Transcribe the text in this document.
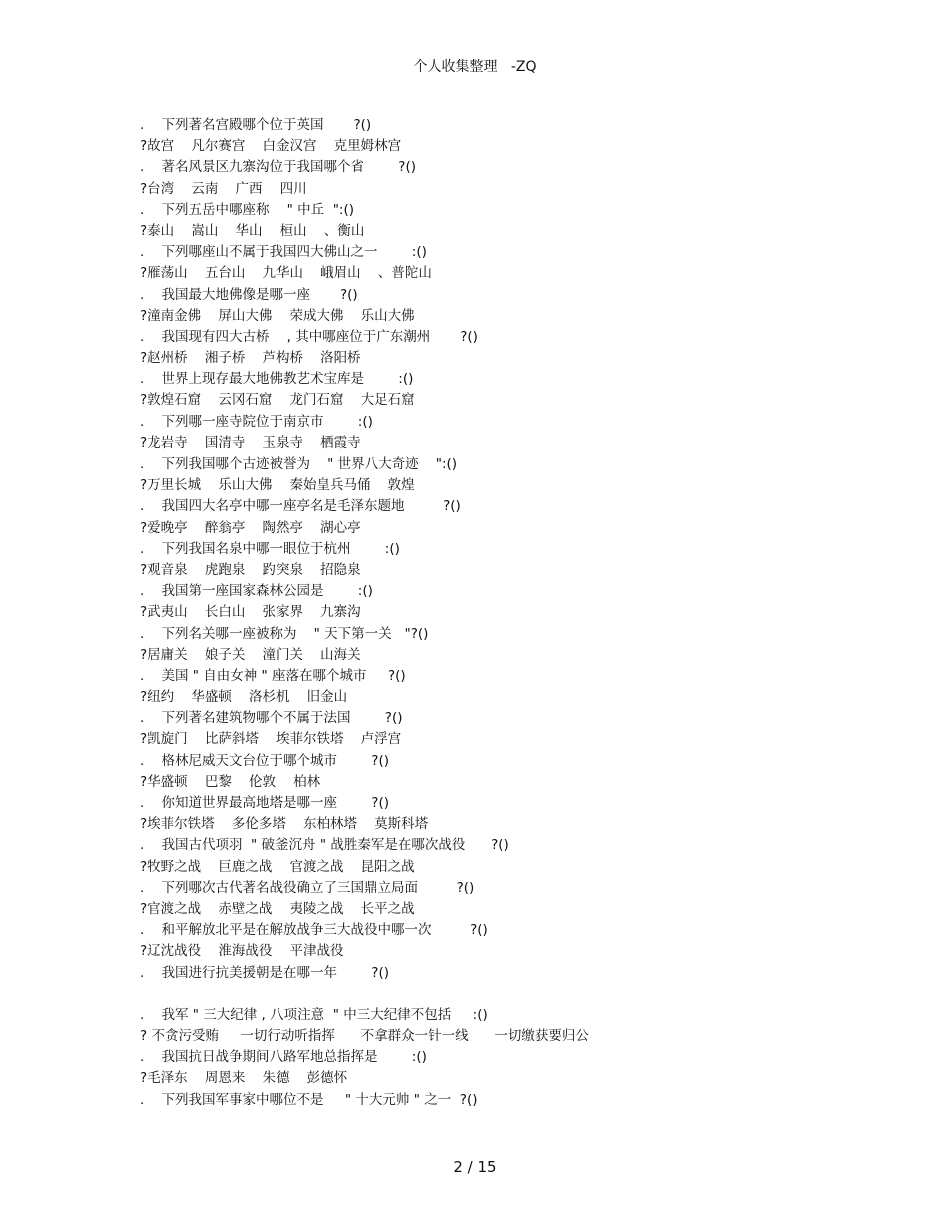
个人收集整理   -ZQ
.    下列著名宫殿哪个位于英国       ?()
?故宫    凡尔赛宫    白金汉宫    克里姆林宫
.    著名风景区九寨沟位于我国哪个省        ?()
?台湾    云南    广西    四川
.    下列五岳中哪座称    " 中丘  ":()
?泰山    嵩山    华山    桓山    、衡山
.    下列哪座山不属于我国四大佛山之一        :()
?雁荡山    五台山    九华山    峨眉山    、普陀山
.    我国最大地佛像是哪一座       ?()
?潼南金佛    屏山大佛    荣成大佛    乐山大佛
.    我国现有四大古桥    , 其中哪座位于广东潮州       ?()
?赵州桥    湘子桥    芦构桥    洛阳桥
.    世界上现存最大地佛教艺术宝库是        :()
?敦煌石窟    云冈石窟    龙门石窟    大足石窟
.    下列哪一座寺院位于南京市        :()
?龙岩寺    国清寺    玉泉寺    栖霞寺
.    下列我国哪个古迹被誉为    " 世界八大奇迹    ":()
?万里长城    乐山大佛    秦始皇兵马俑    敦煌
.    我国四大名亭中哪一座亭名是毛泽东题地         ?()
?爱晚亭    醉翁亭    陶然亭    湖心亭
.    下列我国名泉中哪一眼位于杭州        :()
?观音泉    虎跑泉    趵突泉    招隐泉
.    我国第一座国家森林公园是        :()
?武夷山    长白山    张家界    九寨沟
.    下列名关哪一座被称为    " 天下第一关   "?()
?居庸关    娘子关    潼门关    山海关
.    美国 " 自由女神 " 座落在哪个城市     ?()
?纽约    华盛顿    洛杉机    旧金山
.    下列著名建筑物哪个不属于法国        ?()
?凯旋门    比萨斜塔    埃菲尔铁塔    卢浮宫
.    格林尼威天文台位于哪个城市        ?()
?华盛顿    巴黎    伦敦    柏林
.    你知道世界最高地塔是哪一座        ?()
?埃菲尔铁塔    多伦多塔    东柏林塔    莫斯科塔
.    我国古代项羽  " 破釜沉舟 " 战胜秦军是在哪次战役      ?()
?牧野之战    巨鹿之战    官渡之战    昆阳之战
.    下列哪次古代著名战役确立了三国鼎立局面         ?()
?官渡之战    赤壁之战    夷陵之战    长平之战
.    和平解放北平是在解放战争三大战役中哪一次         ?()
?辽沈战役    淮海战役    平津战役
.    我国进行抗美援朝是在哪一年        ?()
.    我军 " 三大纪律 , 八项注意  " 中三大纪律不包括     :()
? 不贪污受贿     一切行动听指挥      不拿群众一针一线      一切缴获要归公
.    我国抗日战争期间八路军地总指挥是        :()
?毛泽东    周恩来    朱德    彭德怀
.    下列我国军事家中哪位不是     " 十大元帅 " 之一  ?()
2 / 15
